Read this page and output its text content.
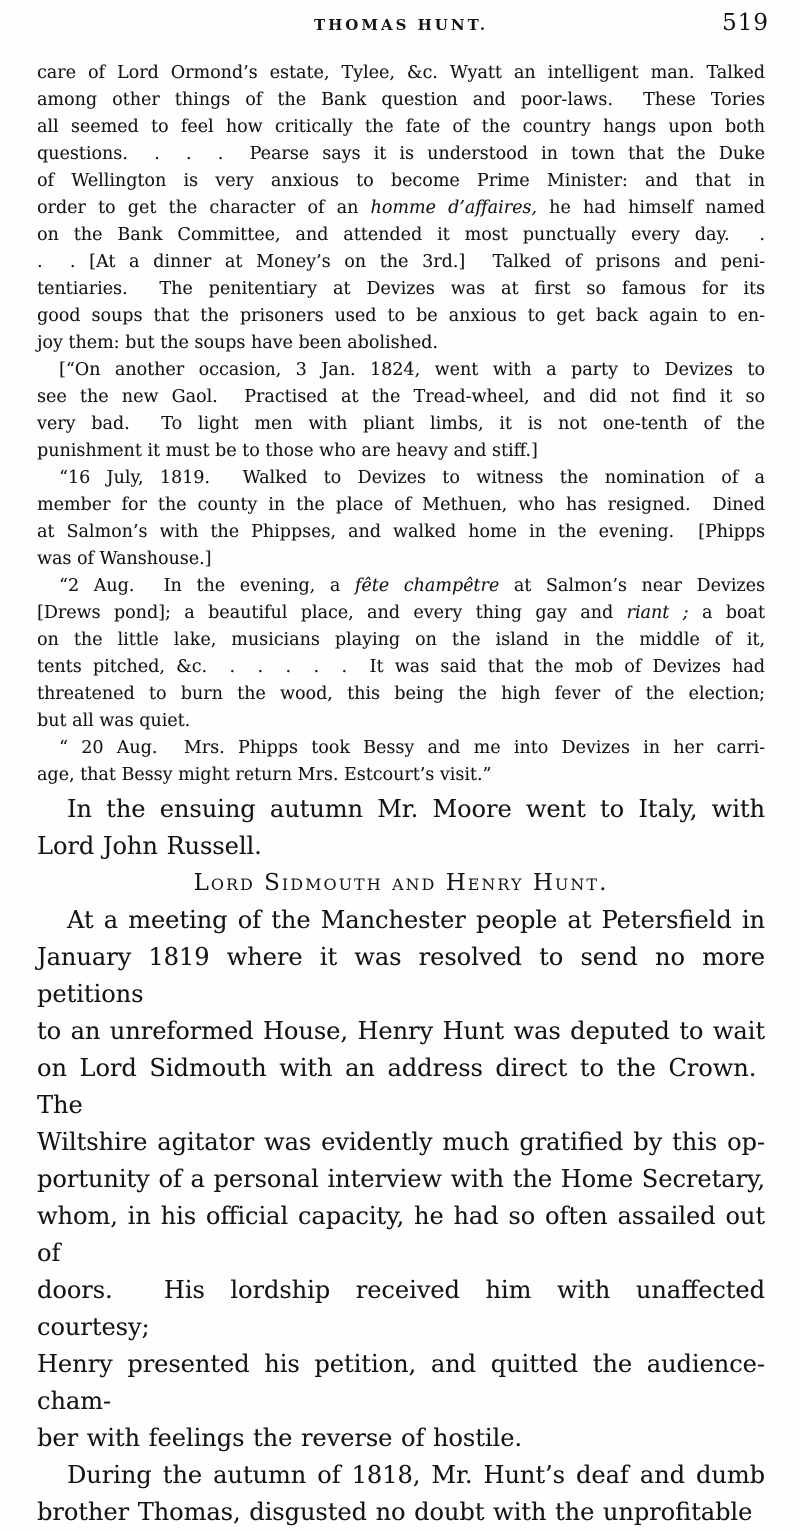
THOMAS HUNT.	519
care of Lord Ormond’s estate, Tylee, &c. Wyatt an intelligent man. Talked
among other things of the Bank question and poor-laws.  These Tories
all seemed to feel how critically the fate of the country hangs upon both
questions.  .  .  .  Pearse says it is understood in town that the Duke
of Wellington is very anxious to become Prime Minister: and that in
order to get the character of an homme d’affaires, he had himself named
on the Bank Committee, and attended it most punctually every day.  .
.  . [At a dinner at Money’s on the 3rd.]  Talked of prisons and peni-
tentiaries.  The penitentiary at Devizes was at first so famous for its
good soups that the prisoners used to be anxious to get back again to en-
joy them: but the soups have been abolished.
[“On another occasion, 3 Jan. 1824, went with a party to Devizes to
see the new Gaol.  Practised at the Tread-wheel, and did not find it so
very bad.  To light men with pliant limbs, it is not one-tenth of the
punishment it must be to those who are heavy and stiff.]
“16 July, 1819.  Walked to Devizes to witness the nomination of a
member for the county in the place of Methuen, who has resigned.  Dined
at Salmon’s with the Phippses, and walked home in the evening.  [Phipps
was of Wanshouse.]
“2 Aug.  In the evening, a fête champêtre at Salmon’s near Devizes
[Drews pond]; a beautiful place, and every thing gay and riant ; a boat
on the little lake, musicians playing on the island in the middle of it,
tents pitched, &c.  .  .  .  .  .  It was said that the mob of Devizes had
threatened to burn the wood, this being the high fever of the election;
but all was quiet.
“ 20 Aug.  Mrs. Phipps took Bessy and me into Devizes in her carri-
age, that Bessy might return Mrs. Estcourt’s visit.”
In the ensuing autumn Mr. Moore went to Italy, with
Lord John Russell.
Lord Sidmouth and Henry Hunt.
At a meeting of the Manchester people at Petersfield in
January 1819 where it was resolved to send no more petitions
to an unreformed House, Henry Hunt was deputed to wait
on Lord Sidmouth with an address direct to the Crown.  The
Wiltshire agitator was evidently much gratified by this op-
portunity of a personal interview with the Home Secretary,
whom, in his official capacity, he had so often assailed out of
doors.  His lordship received him with unaffected courtesy;
Henry presented his petition, and quitted the audience-cham-
ber with feelings the reverse of hostile.
During the autumn of 1818, Mr. Hunt’s deaf and dumb
brother Thomas, disgusted no doubt with the unprofitable
